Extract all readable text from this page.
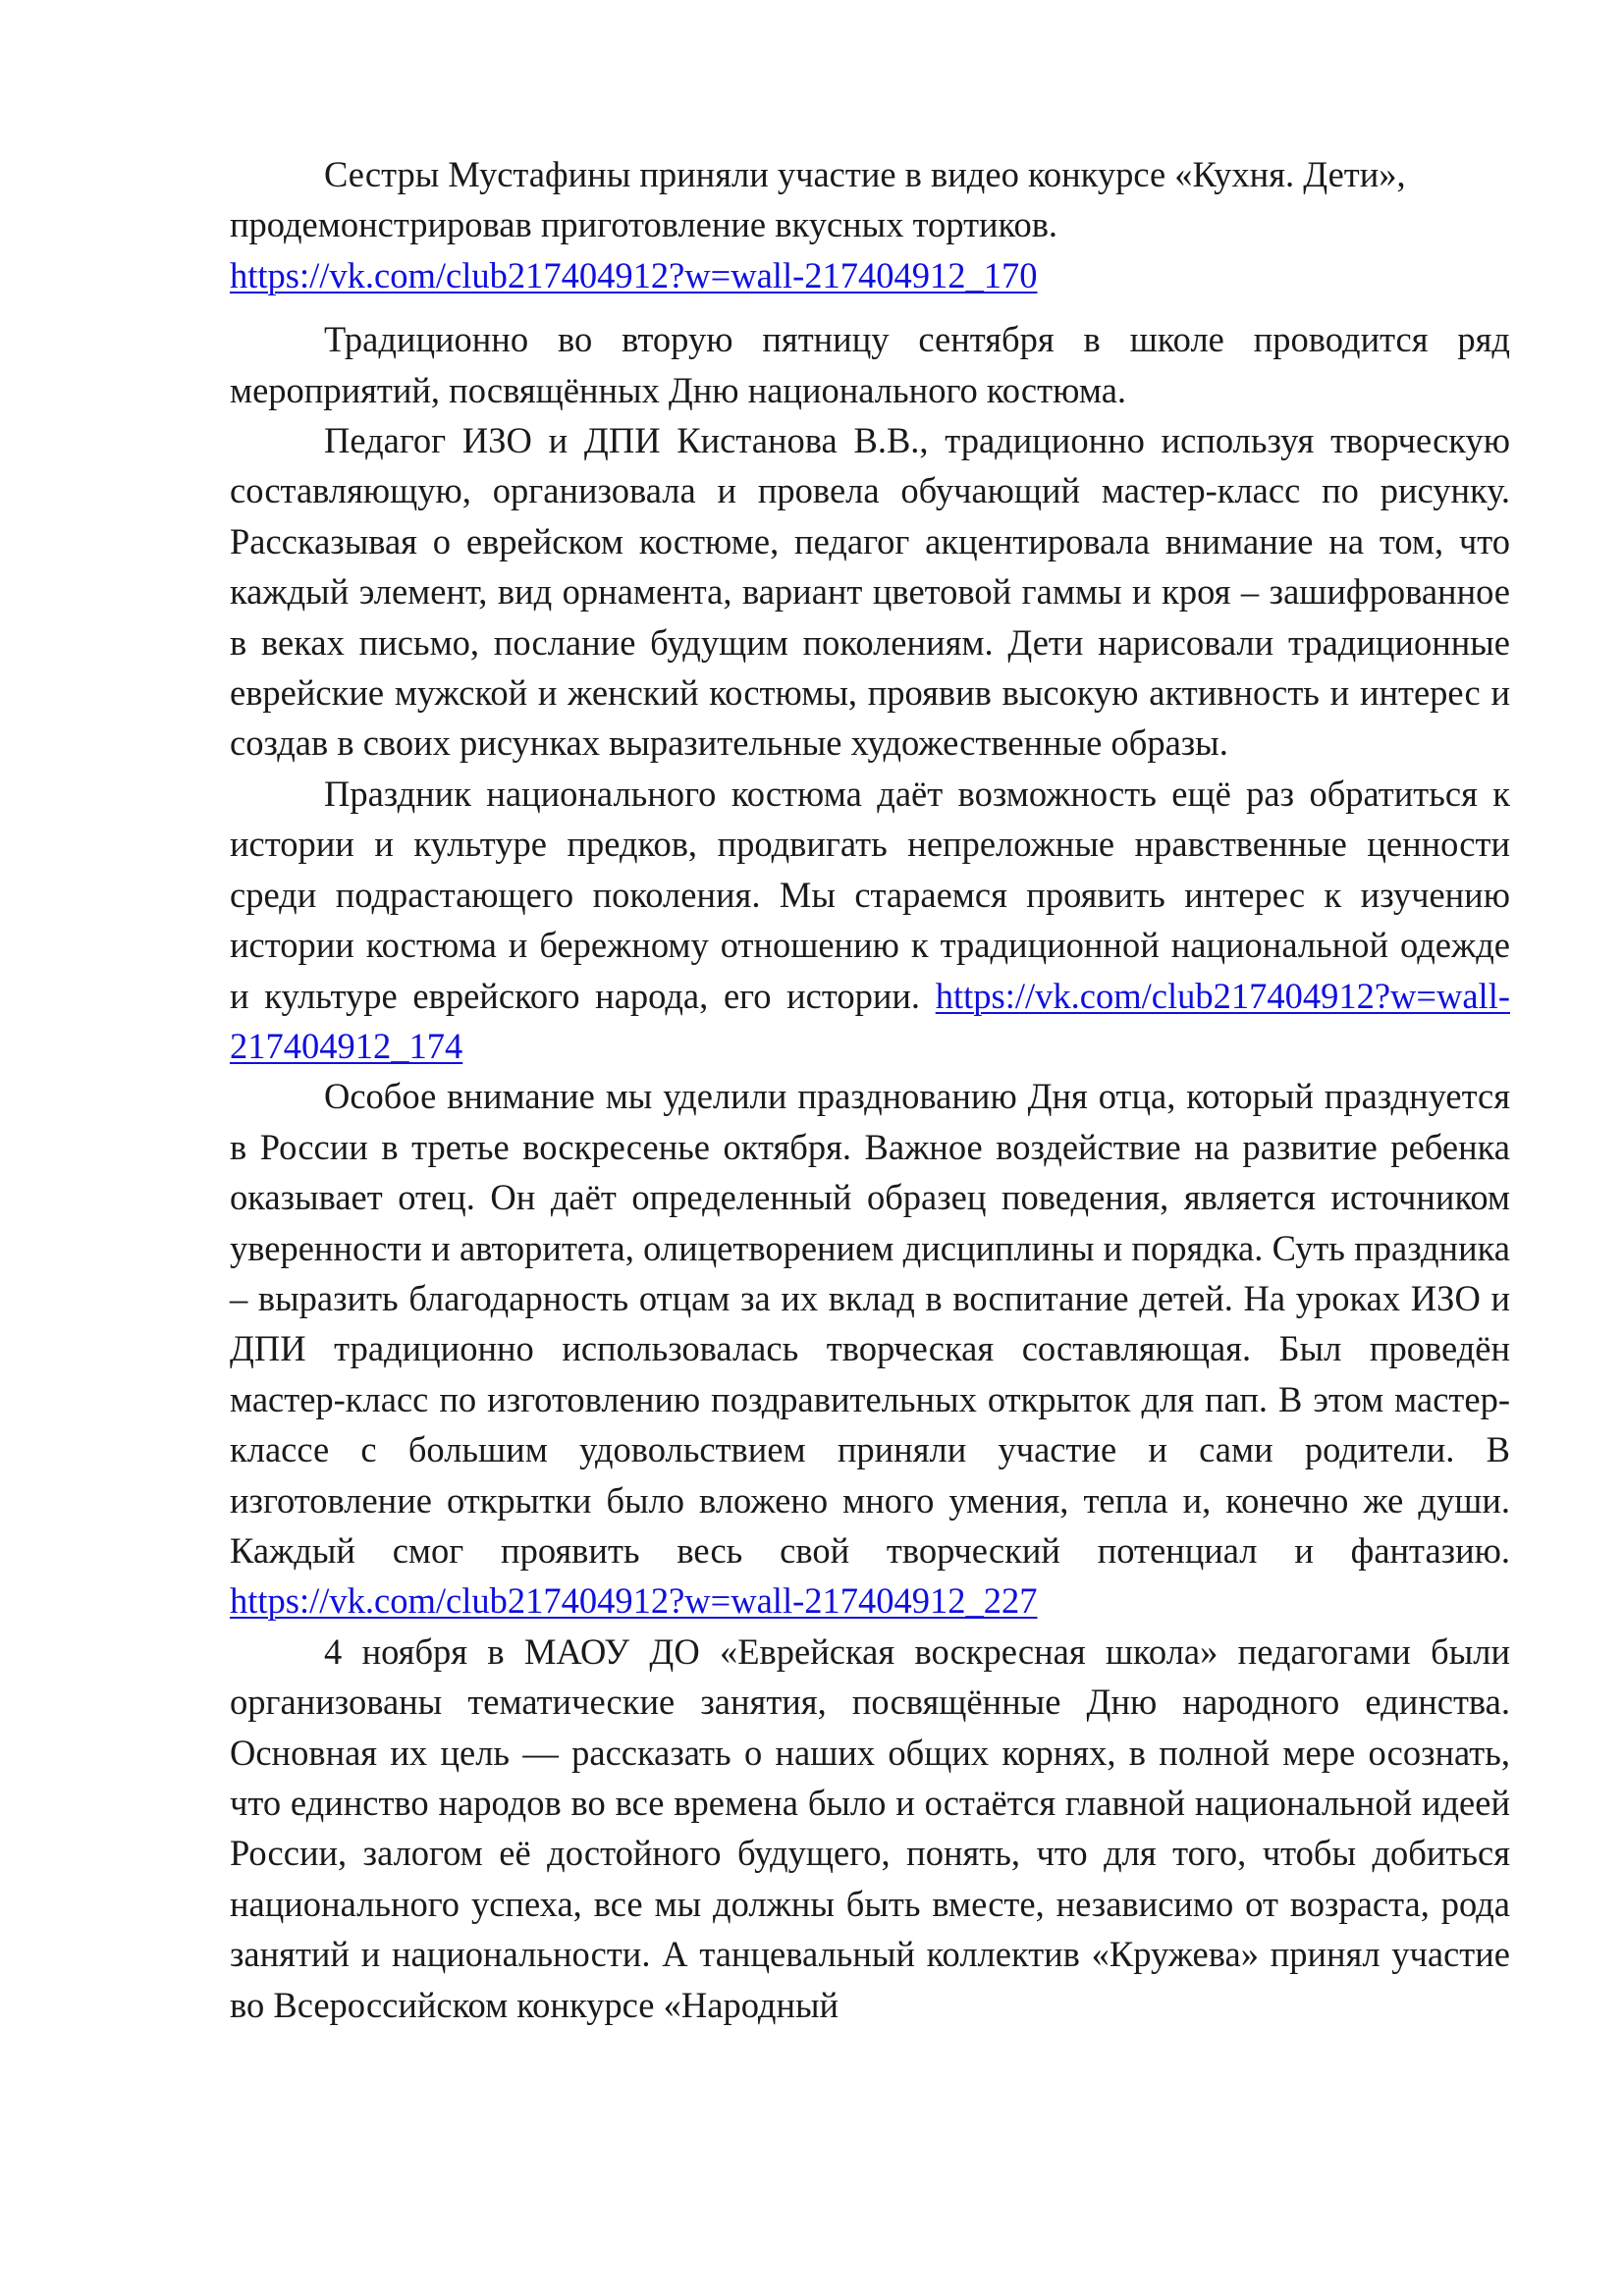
Сестры Мустафины приняли участие в видео конкурсе «Кухня. Дети», продемонстрировав приготовление вкусных тортиков.
https://vk.com/club217404912?w=wall-217404912_170

Традиционно во вторую пятницу сентября в школе проводится ряд мероприятий, посвящённых Дню национального костюма.

Педагог ИЗО и ДПИ Кистанова В.В., традиционно используя творческую составляющую, организовала и провела обучающий мастер-класс по рисунку. Рассказывая о еврейском костюме, педагог акцентировала внимание на том, что каждый элемент, вид орнамента, вариант цветовой гаммы и кроя – зашифрованное в веках письмо, послание будущим поколениям. Дети нарисовали традиционные еврейские мужской и женский костюмы, проявив высокую активность и интерес и создав в своих рисунках выразительные художественные образы.

Праздник национального костюма даёт возможность ещё раз обратиться к истории и культуре предков, продвигать непреложные нравственные ценности среди подрастающего поколения. Мы стараемся проявить интерес к изучению истории костюма и бережному отношению к традиционной национальной одежде и культуре еврейского народа, его истории. https://vk.com/club217404912?w=wall-217404912_174

Особое внимание мы уделили празднованию Дня отца, который празднуется в России в третье воскресенье октября. Важное воздействие на развитие ребенка оказывает отец. Он даёт определенный образец поведения, является источником уверенности и авторитета, олицетворением дисциплины и порядка. Суть праздника – выразить благодарность отцам за их вклад в воспитание детей. На уроках ИЗО и ДПИ традиционно использовалась творческая составляющая. Был проведён мастер-класс по изготовлению поздравительных открыток для пап. В этом мастер-классе с большим удовольствием приняли участие и сами родители. В изготовление открытки было вложено много умения, тепла и, конечно же души. Каждый смог проявить весь свой творческий потенциал и фантазию. https://vk.com/club217404912?w=wall-217404912_227

4 ноября в МАОУ ДО «Еврейская воскресная школа» педагогами были организованы тематические занятия, посвящённые Дню народного единства. Основная их цель — рассказать о наших общих корнях, в полной мере осознать, что единство народов во все времена было и остаётся главной национальной идеей России, залогом её достойного будущего, понять, что для того, чтобы добиться национального успеха, все мы должны быть вместе, независимо от возраста, рода занятий и национальности. А танцевальный коллектив «Кружева» принял участие во Всероссийском конкурсе «Народный
